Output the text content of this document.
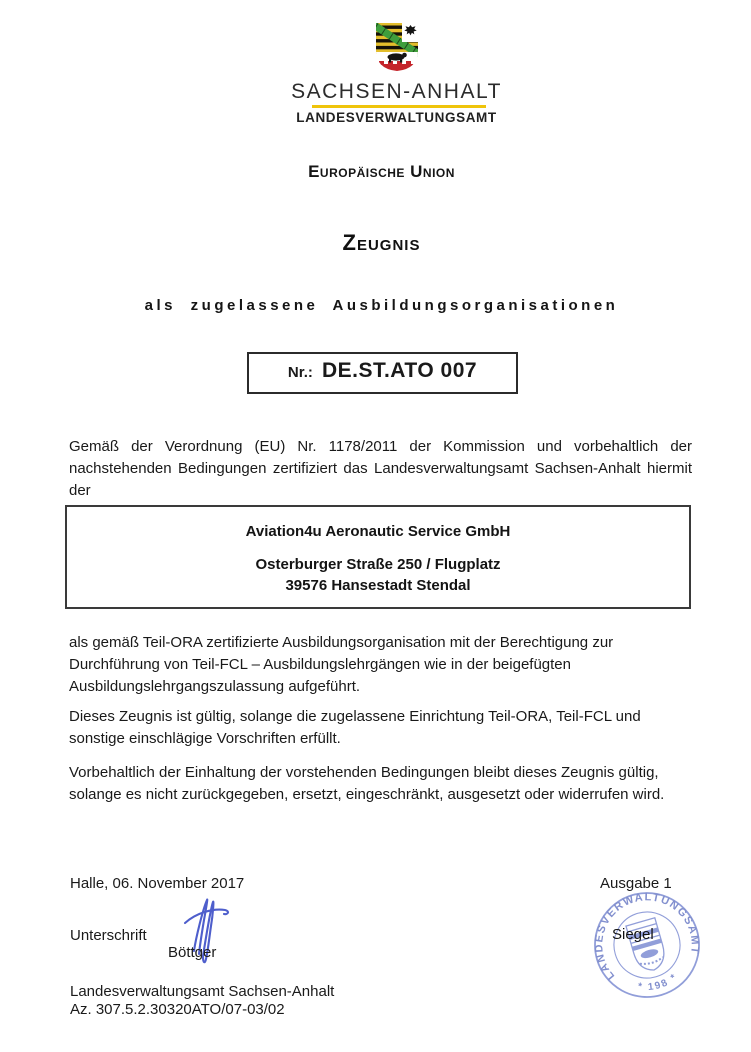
SACHSEN-ANHALT
LANDESVERWALTUNGSAMT
Europäische Union
Zeugnis
als zugelassene Ausbildungsorganisationen
Nr.: DE.ST.ATO 007
Gemäß der Verordnung (EU) Nr. 1178/2011 der Kommission und vorbehaltlich der
nachstehenden Bedingungen zertifiziert das Landesverwaltungsamt Sachsen-Anhalt hiermit
der
Aviation4u Aeronautic Service GmbH
Osterburger Straße 250 / Flugplatz
39576 Hansestadt Stendal
als gemäß Teil-ORA zertifizierte Ausbildungsorganisation mit der Berechtigung zur
Durchführung von Teil-FCL – Ausbildungslehrgängen wie in der beigefügten
Ausbildungslehrgangszulassung aufgeführt.
Dieses Zeugnis ist gültig, solange die zugelassene Einrichtung Teil-ORA, Teil-FCL und
sonstige einschlägige Vorschriften erfüllt.
Vorbehaltlich der Einhaltung der vorstehenden Bedingungen bleibt dieses Zeugnis gültig,
solange es nicht zurückgegeben, ersetzt, eingeschränkt, ausgesetzt oder widerrufen wird.
Halle, 06. November 2017	Ausgabe 1
Unterschrift
Böttger
LANDESVERWALTUNGSAMT
* 198 *
Siegel
Landesverwaltungsamt Sachsen-Anhalt
Az. 307.5.2.30320ATO/07-03/02
